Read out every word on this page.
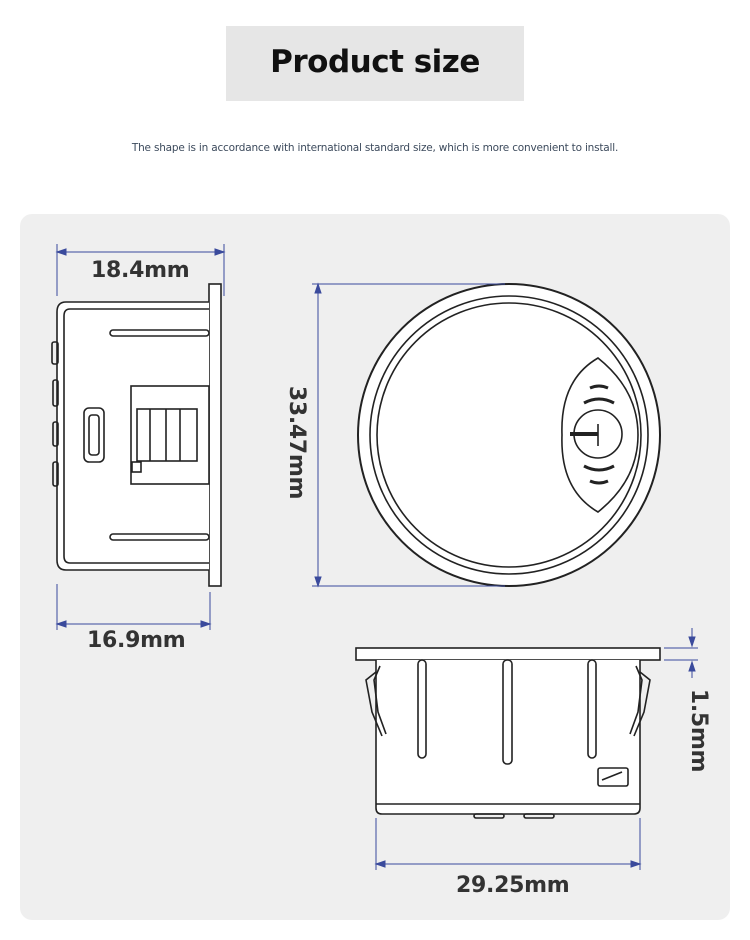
Product size
The shape is in accordance with international standard size, which is more convenient to install.
18.4mm
16.9mm
33.47mm
1.5mm
29.25mm
